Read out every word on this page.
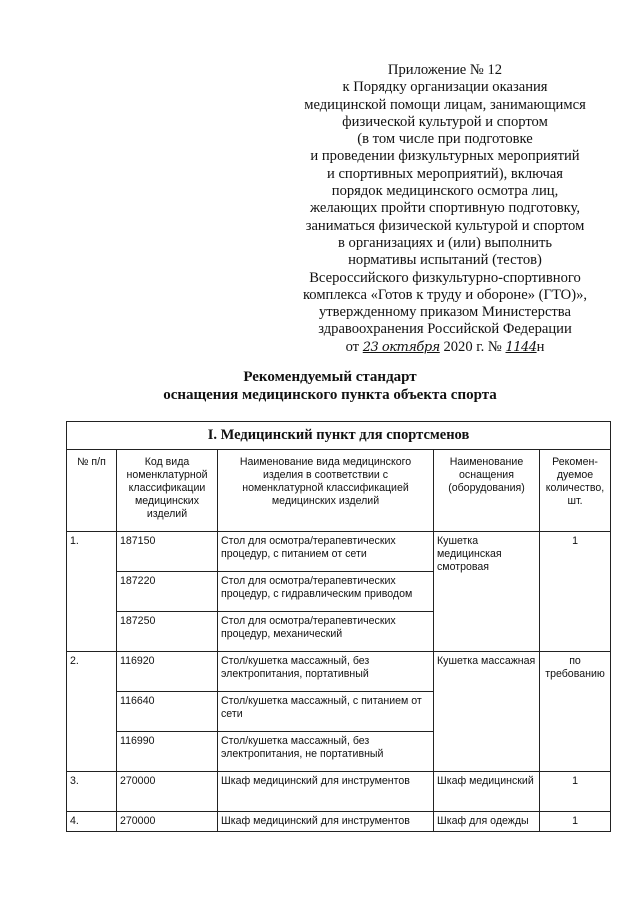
Приложение № 12
к Порядку организации оказания
медицинской помощи лицам, занимающимся
физической культурой и спортом
(в том числе при подготовке
и проведении физкультурных мероприятий
и спортивных мероприятий), включая
порядок медицинского осмотра лиц,
желающих пройти спортивную подготовку,
заниматься физической культурой и спортом
в организациях и (или) выполнить
нормативы испытаний (тестов)
Всероссийского физкультурно-спортивного
комплекса «Готов к труду и обороне» (ГТО)»,
утвержденному приказом Министерства
здравоохранения Российской Федерации
от 23 октября 2020 г. № 1144н
Рекомендуемый стандарт
оснащения медицинского пункта объекта спорта
I. Медицинский пункт для спортсменов				
№ п/п	Код вида номенклатурной классификации медицинских изделий	Наименование вида медицинского изделия в соответствии с номенклатурной классификацией медицинских изделий	Наименование оснащения (оборудования)	Рекомен-дуемое количество, шт.
1.	187150	Стол для осмотра/терапевтических процедур, с питанием от сети	Кушетка медицинская смотровая	1
	187220	Стол для осмотра/терапевтических процедур, с гидравлическим приводом		
	187250	Стол для осмотра/терапевтических процедур, механический		
2.	116920	Стол/кушетка массажный, без электропитания, портативный	Кушетка массажная	по требованию
	116640	Стол/кушетка массажный, с питанием от сети		
	116990	Стол/кушетка массажный, без электропитания, не портативный		
3.	270000	Шкаф медицинский для инструментов	Шкаф медицинский	1
4.	270000	Шкаф медицинский для инструментов	Шкаф для одежды	1
